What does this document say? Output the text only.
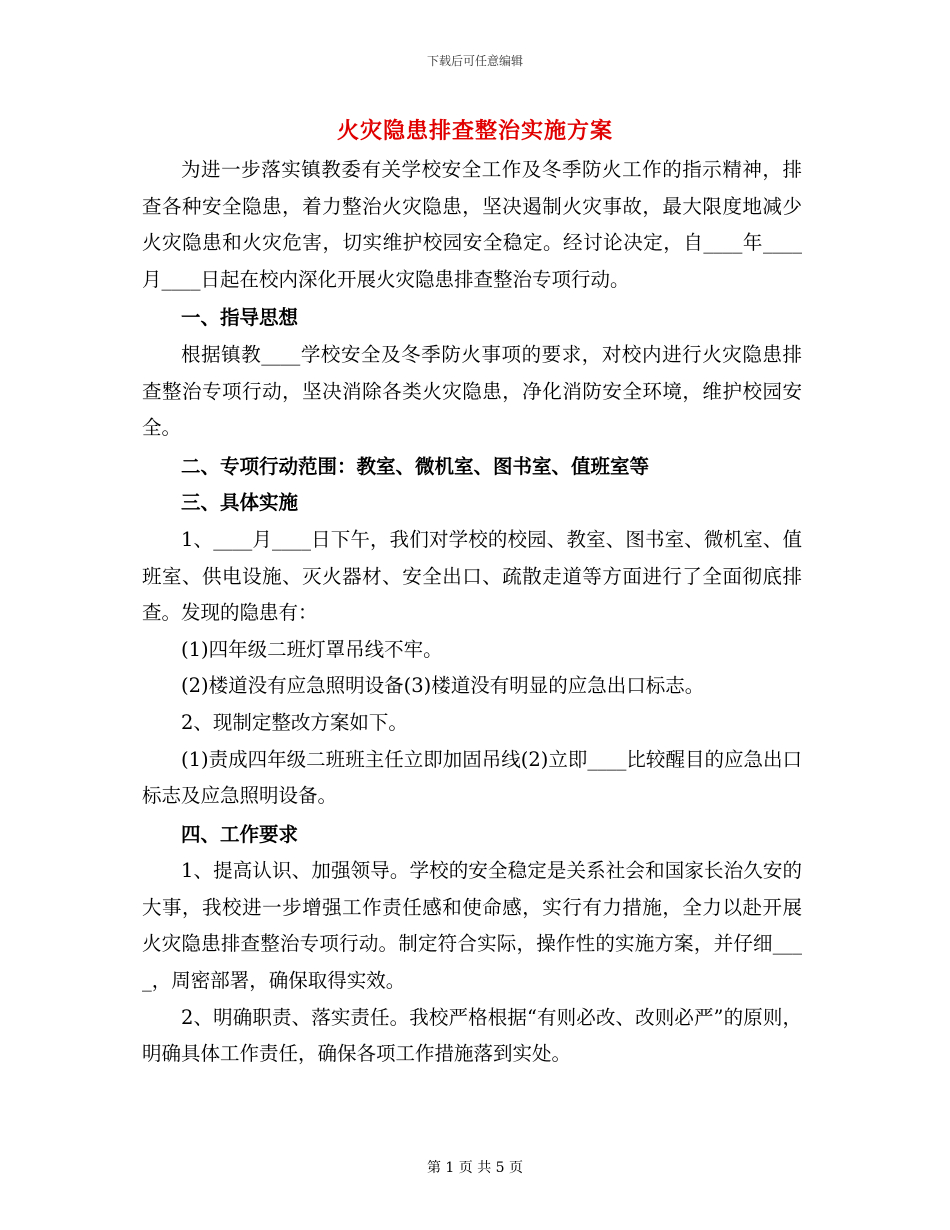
下载后可任意编辑
火灾隐患排查整治实施方案

为进一步落实镇教委有关学校安全工作及冬季防火工作的指示精神，排查各种安全隐患，着力整治火灾隐患，坚决遏制火灾事故，最大限度地减少火灾隐患和火灾危害，切实维护校园安全稳定。经讨论决定，自____年____月____日起在校内深化开展火灾隐患排查整治专项行动。

一、指导思想

根据镇教____学校安全及冬季防火事项的要求，对校内进行火灾隐患排查整治专项行动，坚决消除各类火灾隐患，净化消防安全环境，维护校园安全。

二、专项行动范围：教室、微机室、图书室、值班室等

三、具体实施

1、____月____日下午，我们对学校的校园、教室、图书室、微机室、值班室、供电设施、灭火器材、安全出口、疏散走道等方面进行了全面彻底排查。发现的隐患有：

(1)四年级二班灯罩吊线不牢。

(2)楼道没有应急照明设备(3)楼道没有明显的应急出口标志。

2、现制定整改方案如下。

(1)责成四年级二班班主任立即加固吊线(2)立即____比较醒目的应急出口标志及应急照明设备。

四、工作要求

1、提高认识、加强领导。学校的安全稳定是关系社会和国家长治久安的大事，我校进一步增强工作责任感和使命感，实行有力措施，全力以赴开展火灾隐患排查整治专项行动。制定符合实际，操作性的实施方案，并仔细____，周密部署，确保取得实效。

2、明确职责、落实责任。我校严格根据“有则必改、改则必严”的原则，明确具体工作责任，确保各项工作措施落到实处。

第 1 页 共 5 页
